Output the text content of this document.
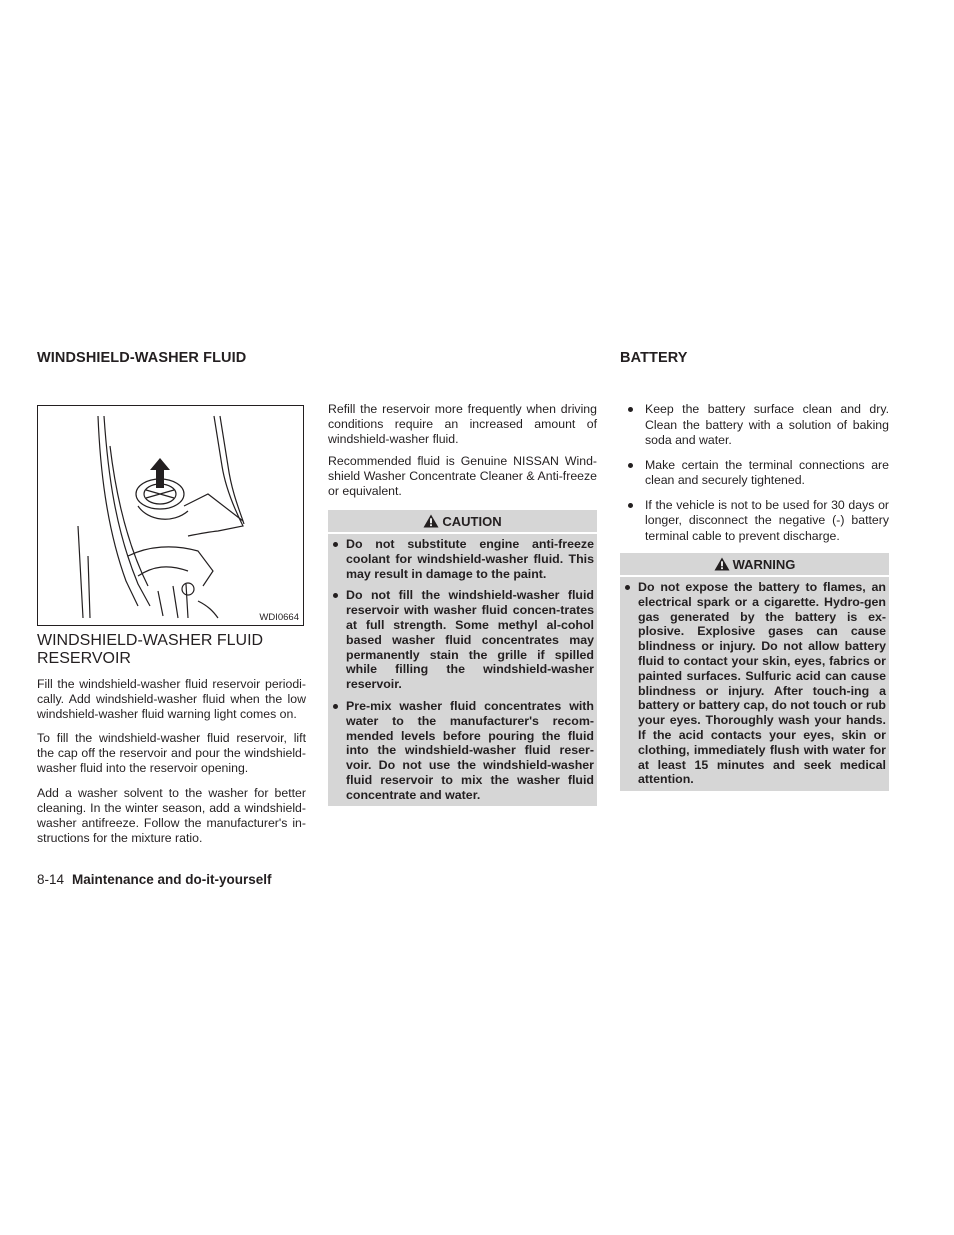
WINDSHIELD-WASHER FLUID
WDI0664
WINDSHIELD-WASHER FLUID RESERVOIR

Fill the windshield-washer fluid reservoir periodi-cally. Add windshield-washer fluid when the low windshield-washer fluid warning light comes on.

To fill the windshield-washer fluid reservoir, lift the cap off the reservoir and pour the windshield-washer fluid into the reservoir opening.

Add a washer solvent to the washer for better cleaning. In the winter season, add a windshield-washer antifreeze. Follow the manufacturer's in-structions for the mixture ratio.

Refill the reservoir more frequently when driving conditions require an increased amount of windshield-washer fluid.

Recommended fluid is Genuine NISSAN Wind-shield Washer Concentrate Cleaner & Anti-freeze or equivalent.

CAUTION
Do not substitute engine anti-freeze coolant for windshield-washer fluid. This may result in damage to the paint.
Do not fill the windshield-washer fluid reservoir with washer fluid concen-trates at full strength. Some methyl al-cohol based washer fluid concentrates may permanently stain the grille if spilled while filling the windshield-washer reservoir.
Pre-mix washer fluid concentrates with water to the manufacturer's recom-mended levels before pouring the fluid into the windshield-washer fluid reser-voir. Do not use the windshield-washer fluid reservoir to mix the washer fluid concentrate and water.
BATTERY
Keep the battery surface clean and dry. Clean the battery with a solution of baking soda and water.
Make certain the terminal connections are clean and securely tightened.
If the vehicle is not to be used for 30 days or longer, disconnect the negative (-) battery terminal cable to prevent discharge.
WARNING
Do not expose the battery to flames, an electrical spark or a cigarette. Hydro-gen gas generated by the battery is ex-plosive. Explosive gases can cause blindness or injury. Do not allow battery fluid to contact your skin, eyes, fabrics or painted surfaces. Sulfuric acid can cause blindness or injury. After touch-ing a battery or battery cap, do not touch or rub your eyes. Thoroughly wash your hands. If the acid contacts your eyes, skin or clothing, immediately flush with water for at least 15 minutes and seek medical attention.
8-14 Maintenance and do-it-yourself
